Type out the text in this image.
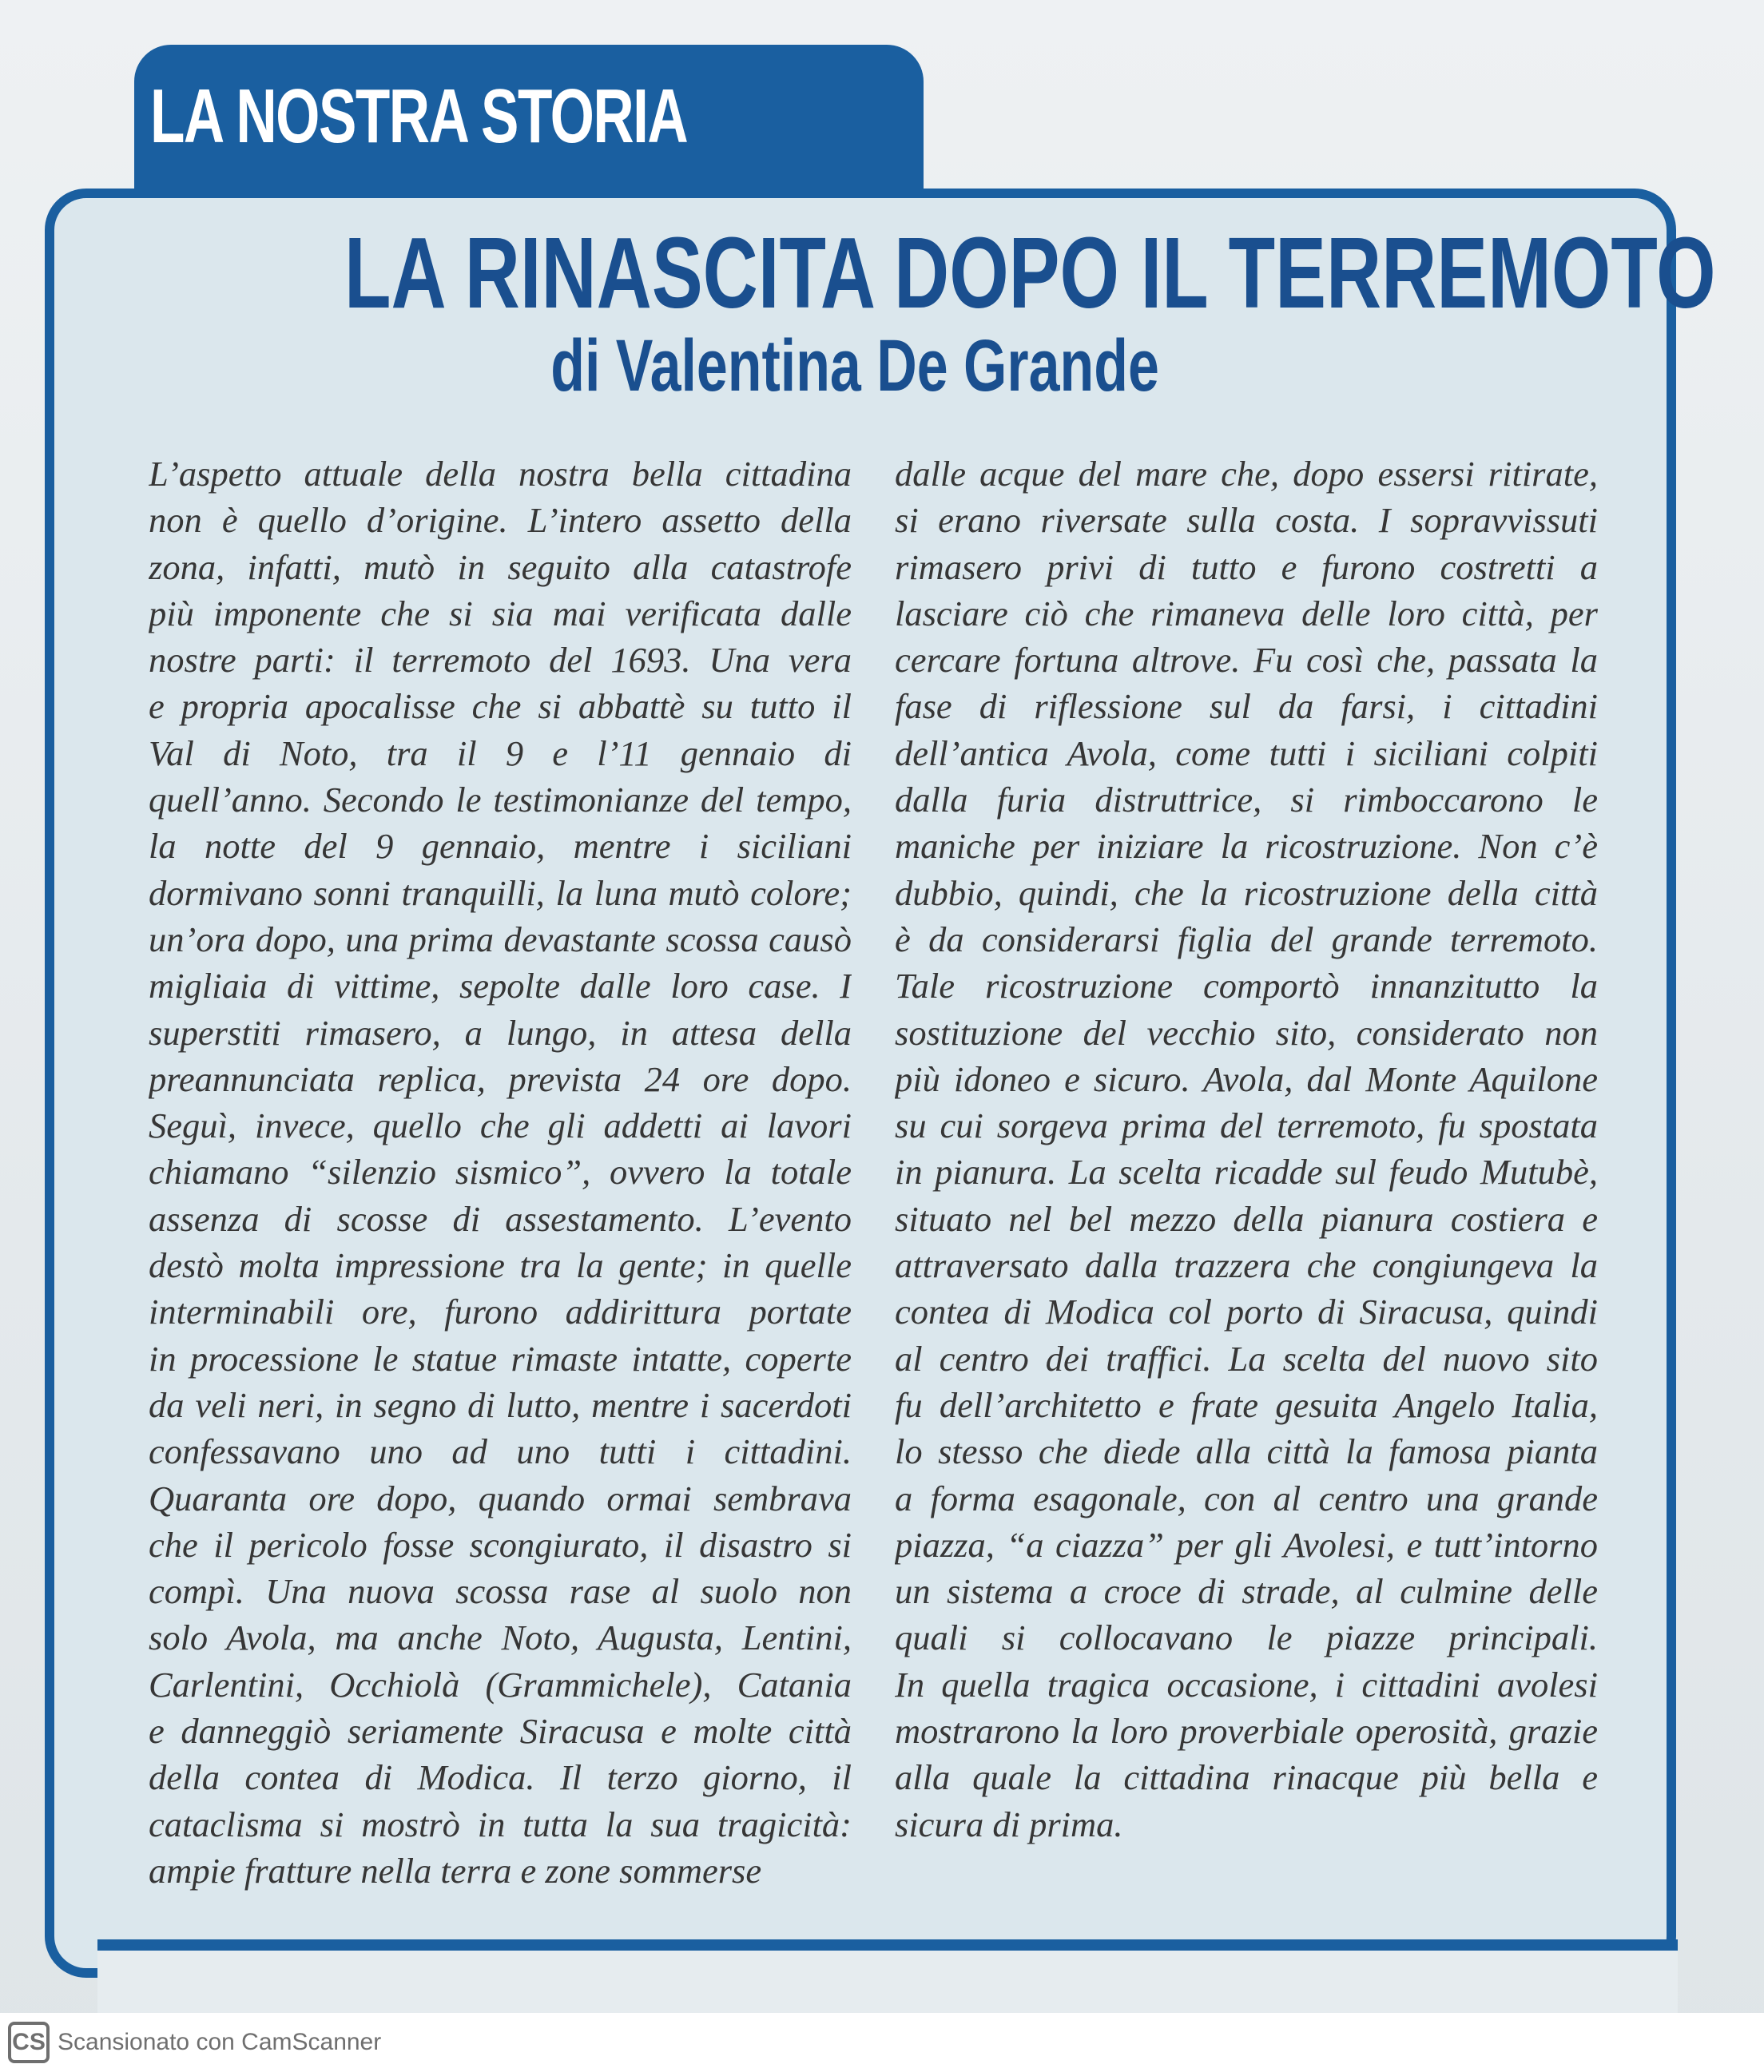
LA NOSTRA STORIA
LA RINASCITA DOPO IL TERREMOTO
di Valentina De Grande
L’aspetto attuale della nostra bella cittadina
non è quello d’origine. L’intero assetto della
zona, infatti, mutò in seguito alla catastrofe
più imponente che si sia mai verificata dalle
nostre parti: il terremoto del 1693. Una vera
e propria apocalisse che si abbattè su tutto il
Val di Noto, tra il 9 e l’11 gennaio di
quell’anno. Secondo le testimonianze del tempo,
la notte del 9 gennaio, mentre i siciliani
dormivano sonni tranquilli, la luna mutò colore;
un’ora dopo, una prima devastante scossa causò
migliaia di vittime, sepolte dalle loro case. I
superstiti rimasero, a lungo, in attesa della
preannunciata replica, prevista 24 ore dopo.
Seguì, invece, quello che gli addetti ai lavori
chiamano “silenzio sismico”, ovvero la totale
assenza di scosse di assestamento. L’evento
destò molta impressione tra la gente; in quelle
interminabili ore, furono addirittura portate
in processione le statue rimaste intatte, coperte
da veli neri, in segno di lutto, mentre i sacerdoti
confessavano uno ad uno tutti i cittadini.
Quaranta ore dopo, quando ormai sembrava
che il pericolo fosse scongiurato, il disastro si
compì. Una nuova scossa rase al suolo non
solo Avola, ma anche Noto, Augusta, Lentini,
Carlentini, Occhiolà (Grammichele), Catania
e danneggiò seriamente Siracusa e molte città
della contea di Modica. Il terzo giorno, il
cataclisma si mostrò in tutta la sua tragicità:
ampie fratture nella terra e zone sommerse
dalle acque del mare che, dopo essersi ritirate,
si erano riversate sulla costa. I sopravvissuti
rimasero privi di tutto e furono costretti a
lasciare ciò che rimaneva delle loro città, per
cercare fortuna altrove. Fu così che, passata la
fase di riflessione sul da farsi, i cittadini
dell’antica Avola, come tutti i siciliani colpiti
dalla furia distruttrice, si rimboccarono le
maniche per iniziare la ricostruzione. Non c’è
dubbio, quindi, che la ricostruzione della città
è da considerarsi figlia del grande terremoto.
Tale ricostruzione comportò innanzitutto la
sostituzione del vecchio sito, considerato non
più idoneo e sicuro. Avola, dal Monte Aquilone
su cui sorgeva prima del terremoto, fu spostata
in pianura. La scelta ricadde sul feudo Mutubè,
situato nel bel mezzo della pianura costiera e
attraversato dalla trazzera che congiungeva la
contea di Modica col porto di Siracusa, quindi
al centro dei traffici. La scelta del nuovo sito
fu dell’architetto e frate gesuita Angelo Italia,
lo stesso che diede alla città la famosa pianta
a forma esagonale, con al centro una grande
piazza, “a ciazza” per gli Avolesi, e tutt’intorno
un sistema a croce di strade, al culmine delle
quali si collocavano le piazze principali.
In quella tragica occasione, i cittadini avolesi
mostrarono la loro proverbiale operosità, grazie
alla quale la cittadina rinacque più bella e
sicura di prima.
CS Scansionato con CamScanner
